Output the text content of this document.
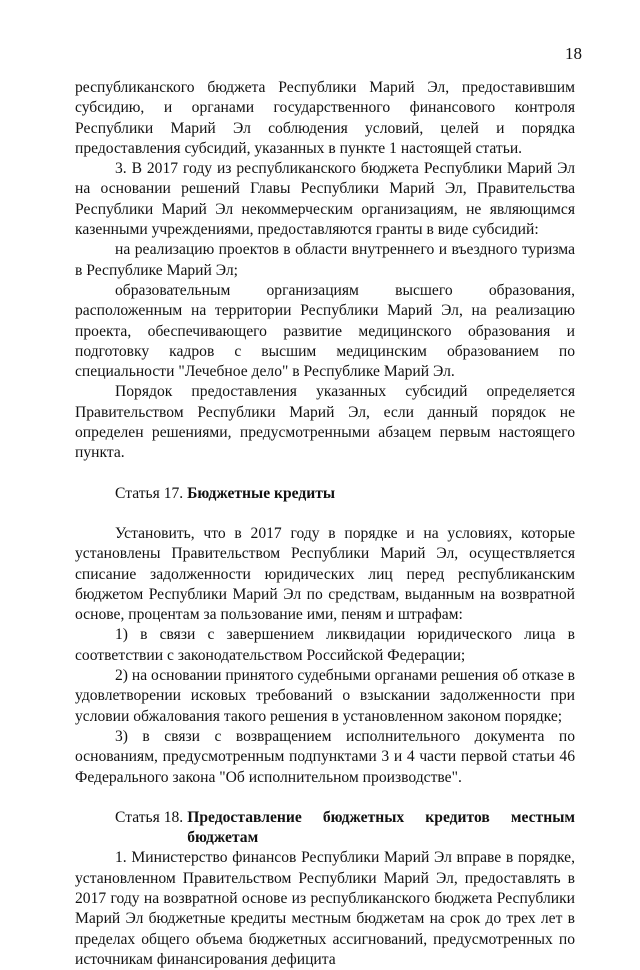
18

республиканского бюджета Республики Марий Эл, предоставившим субсидию, и органами государственного финансового контроля Республики Марий Эл соблюдения условий, целей и порядка предоставления субсидий, указанных в пункте 1 настоящей статьи.

3. В 2017 году из республиканского бюджета Республики Марий Эл на основании решений Главы Республики Марий Эл, Правительства Республики Марий Эл некоммерческим организациям, не являющимся казенными учреждениями, предоставляются гранты в виде субсидий:

на реализацию проектов в области внутреннего и въездного туризма в Республике Марий Эл;

образовательным организациям высшего образования, расположенным на территории Республики Марий Эл, на реализацию проекта, обеспечивающего развитие медицинского образования и подготовку кадров с высшим медицинским образованием по специальности "Лечебное дело" в Республике Марий Эл.

Порядок предоставления указанных субсидий определяется Правительством Республики Марий Эл, если данный порядок не определен решениями, предусмотренными абзацем первым настоящего пункта.

Статья 17. Бюджетные кредиты

Установить, что в 2017 году в порядке и на условиях, которые установлены Правительством Республики Марий Эл, осуществляется списание задолженности юридических лиц перед республиканским бюджетом Республики Марий Эл по средствам, выданным на возвратной основе, процентам за пользование ими, пеням и штрафам:

1) в связи с завершением ликвидации юридического лица в соответствии с законодательством Российской Федерации;

2) на основании принятого судебными органами решения об отказе в удовлетворении исковых требований о взыскании задолженности при условии обжалования такого решения в установленном законом порядке;

3) в связи с возвращением исполнительного документа по основаниям, предусмотренным подпунктами 3 и 4 части первой статьи 46 Федерального закона "Об исполнительном производстве".

Статья 18. Предоставление бюджетных кредитов местным бюджетам

1. Министерство финансов Республики Марий Эл вправе в порядке, установленном Правительством Республики Марий Эл, предоставлять в 2017 году на возвратной основе из республиканского бюджета Республики Марий Эл бюджетные кредиты местным бюджетам на срок до трех лет в пределах общего объема бюджетных ассигнований, предусмотренных по источникам финансирования дефицита
